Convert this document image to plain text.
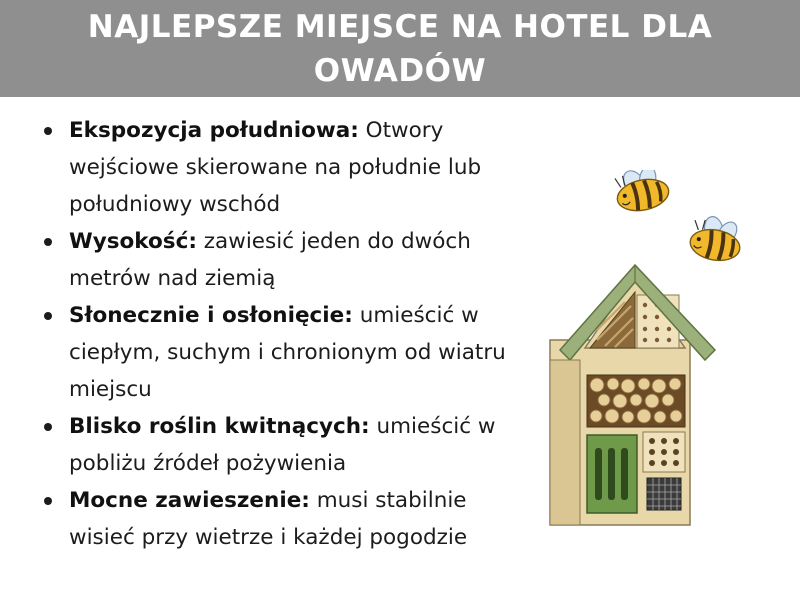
NAJLEPSZE MIEJSCE NA HOTEL DLA OWADÓW
Ekspozycja południowa: Otwory wejściowe skierowane na południe lub południowy wschód
Wysokość: zawiesić jeden do dwóch metrów nad ziemią
Słonecznie i osłonięcie: umieścić w ciepłym, suchym i chronionym od wiatru miejscu
Blisko roślin kwitnących: umieścić w pobliżu źródeł pożywienia
Mocne zawieszenie: musi stabilnie wisieć przy wietrze i każdej pogodzie
